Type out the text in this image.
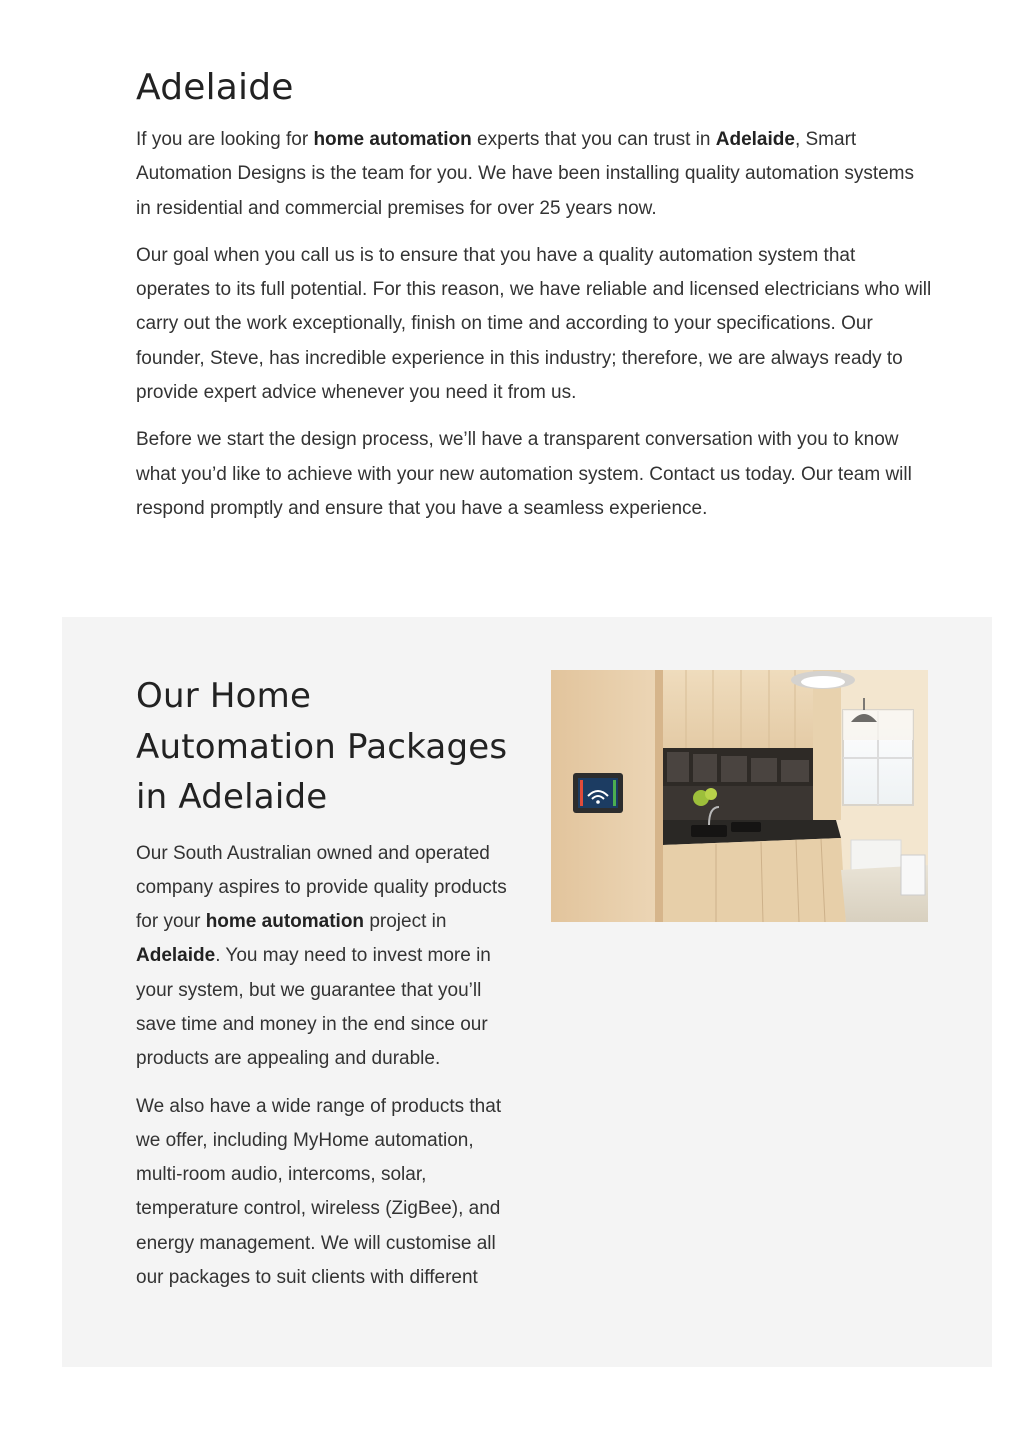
Adelaide

If you are looking for home automation experts that you can trust in Adelaide, Smart Automation Designs is the team for you. We have been installing quality automation systems in residential and commercial premises for over 25 years now.

Our goal when you call us is to ensure that you have a quality automation system that operates to its full potential. For this reason, we have reliable and licensed electricians who will carry out the work exceptionally, finish on time and according to your specifications. Our founder, Steve, has incredible experience in this industry; therefore, we are always ready to provide expert advice whenever you need it from us.

Before we start the design process, we’ll have a transparent conversation with you to know what you’d like to achieve with your new automation system. Contact us today. Our team will respond promptly and ensure that you have a seamless experience.

Our Home Automation Packages in Adelaide

Our South Australian owned and operated company aspires to provide quality products for your home automation project in Adelaide. You may need to invest more in your system, but we guarantee that you’ll save time and money in the end since our products are appealing and durable.

We also have a wide range of products that we offer, including MyHome automation, multi-room audio, intercoms, solar, temperature control, wireless (ZigBee), and energy management. We will customise all our packages to suit clients with different
